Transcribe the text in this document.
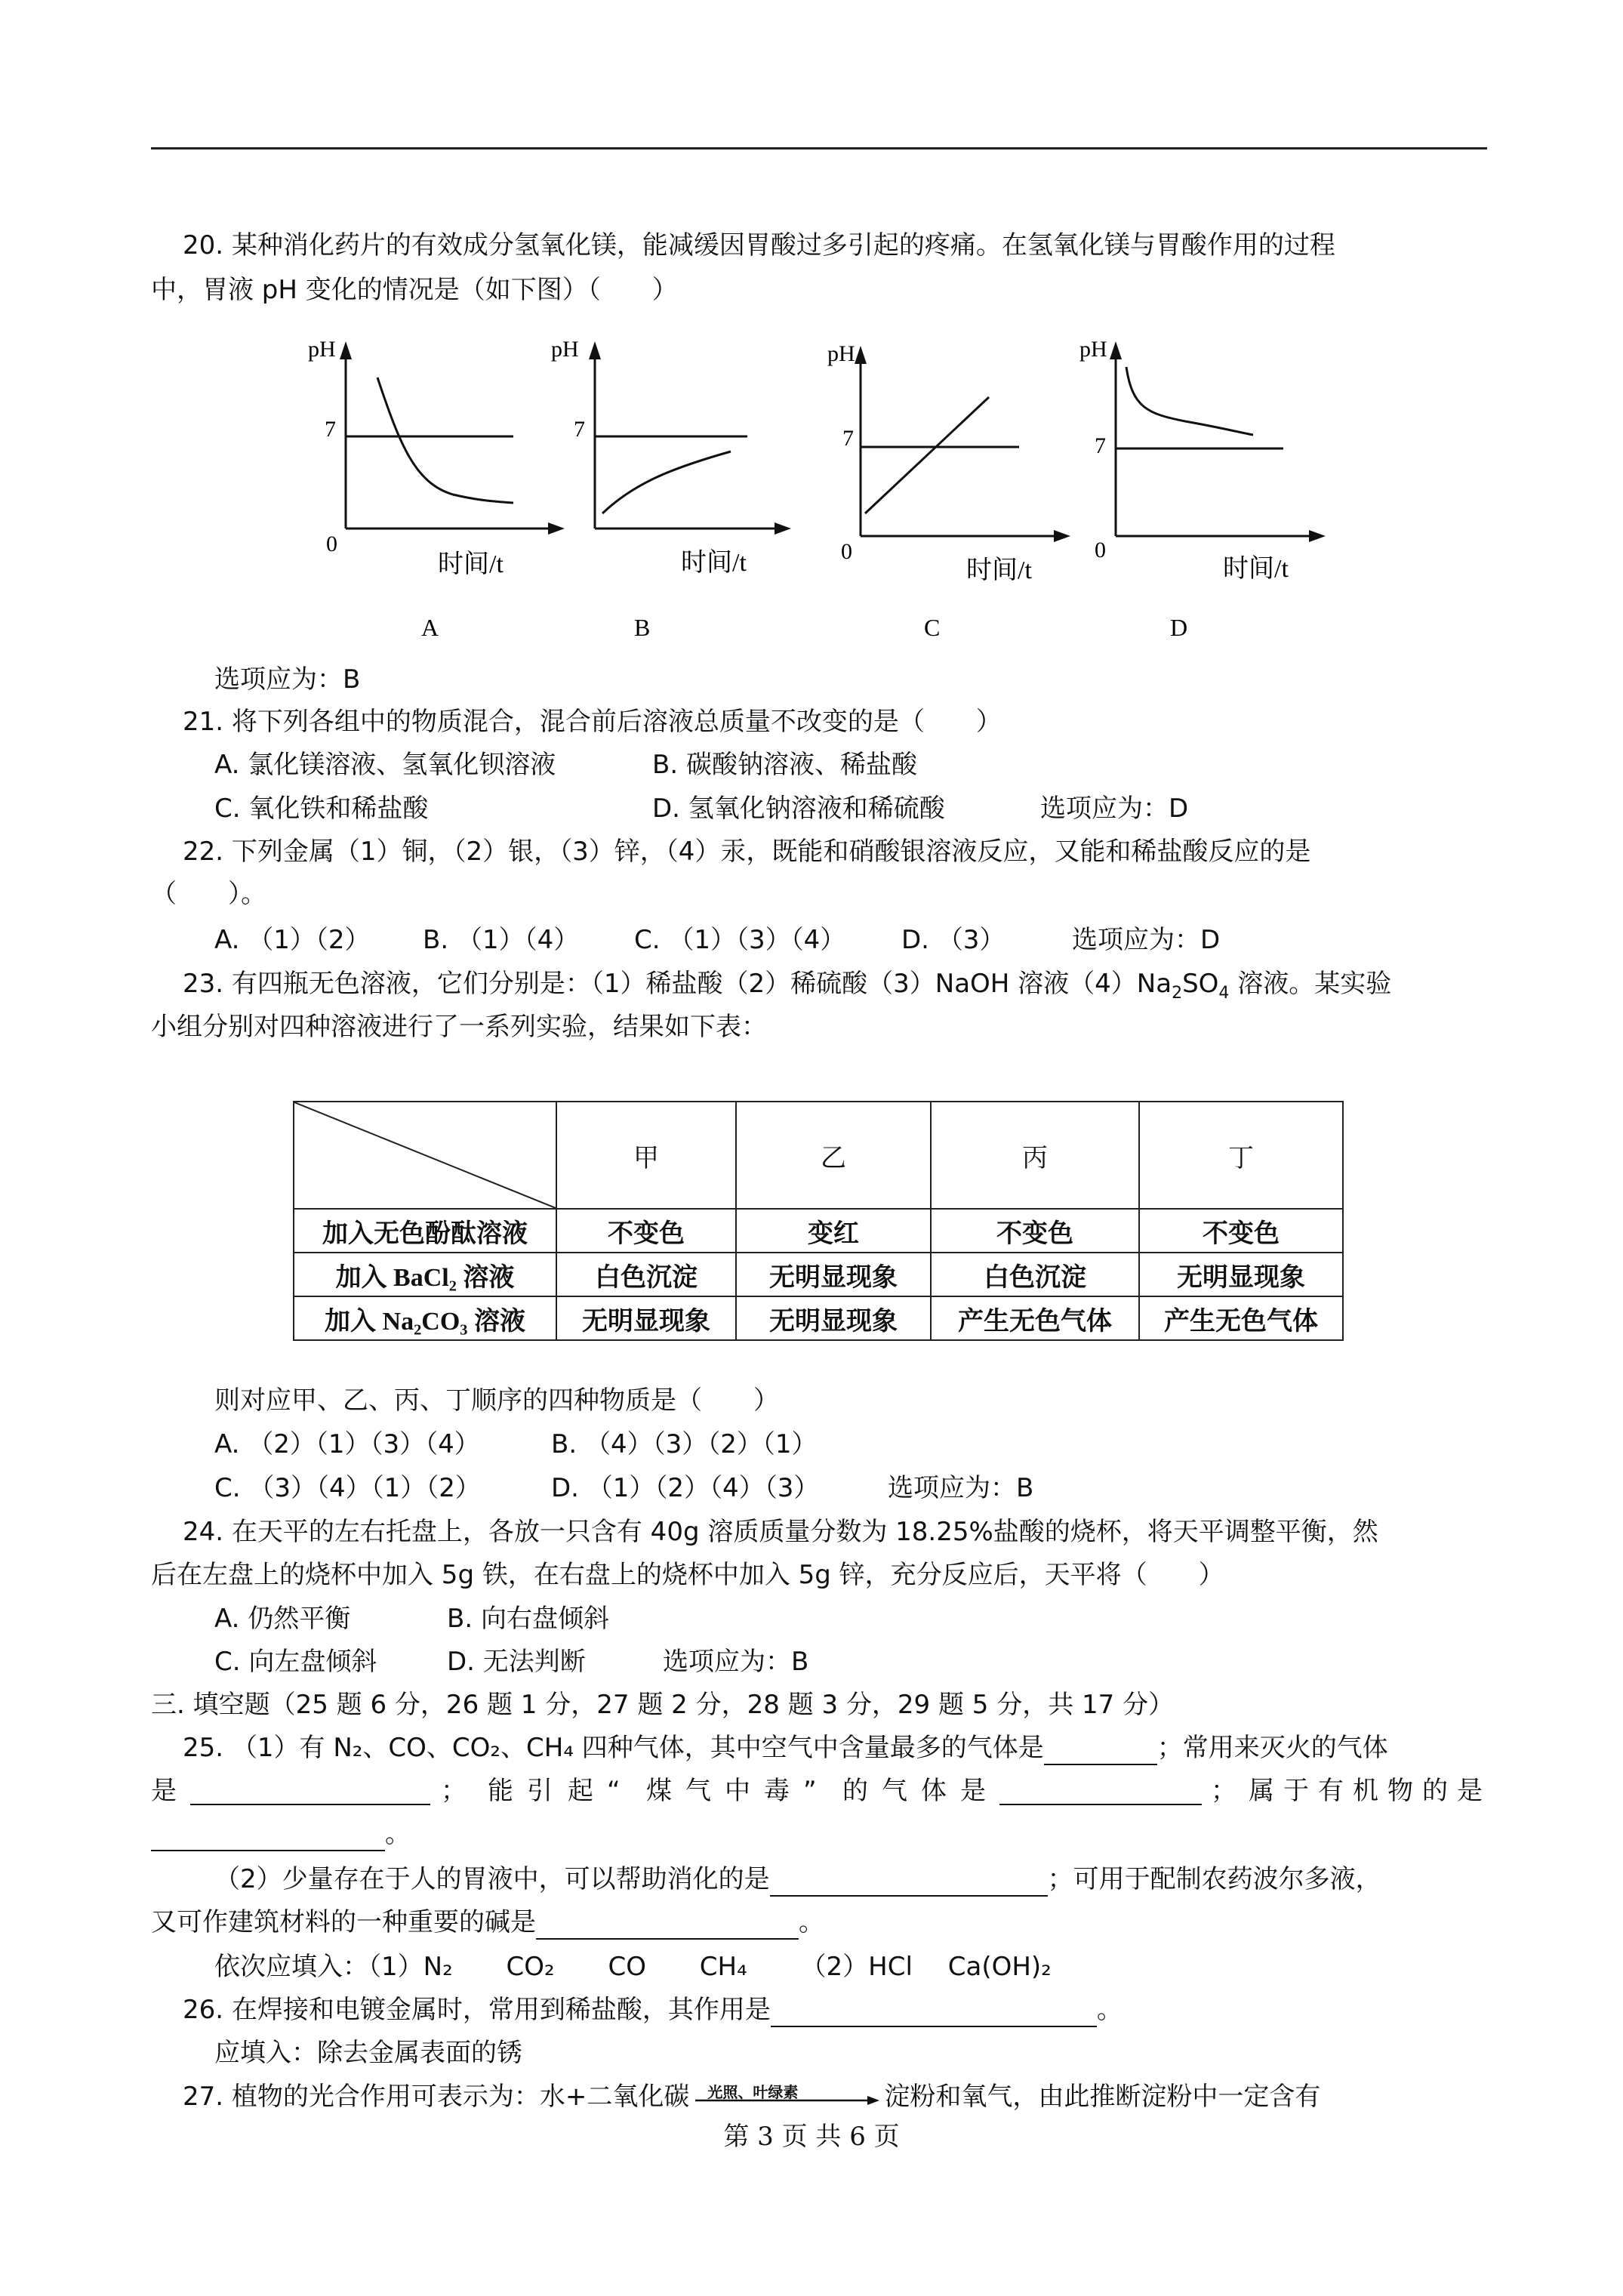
20. 某种消化药片的有效成分氢氧化镁，能减缓因胃酸过多引起的疼痛。在氢氧化镁与胃酸作用的过程
中，胃液 pH 变化的情况是（如下图）（　　）
pH
7
0
时间/t
A
pH
7
时间/t
B
pH
7
0
时间/t
C
pH
7
0
时间/t
D
选项应为：B
21. 将下列各组中的物质混合，混合前后溶液总质量不改变的是（　　）
A. 氯化镁溶液、氢氧化钡溶液	B. 碳酸钠溶液、稀盐酸
C. 氧化铁和稀盐酸	D. 氢氧化钠溶液和稀硫酸	选项应为：D
22. 下列金属（1）铜，（2）银，（3）锌，（4）汞，既能和硝酸银溶液反应，又能和稀盐酸反应的是
（　　）。
A. （1）（2） B. （1）（4） C. （1）（3）（4） D. （3）	选项应为：D
23. 有四瓶无色溶液，它们分别是：（1）稀盐酸（2）稀硫酸（3）NaOH 溶液$(4)Na_2SO_4$ 溶液。某实验
小组分别对四种溶液进行了一系列实验，结果如下表：
	甲	乙	丙	丁
加入无色酚酞溶液	不变色	变红	不变色	不变色
加入 BaCl₂ 溶液	白色沉淀	无明显现象	白色沉淀	无明显现象
加入 Na₂CO₃ 溶液	无明显现象	无明显现象	产生无色气体	产生无色气体
则对应甲、乙、丙、丁顺序的四种物质是（　　）
A. （2）（1）（3）（4）	B. （4）（3）（2）（1）
C. （3）（4）（1）（2）	D. （1）（2）（4）（3）	选项应为：B
24. 在天平的左右托盘上，各放一只含有 40g 溶质质量分数为 18.25%盐酸的烧杯，将天平调整平衡，然
后在左盘上的烧杯中加入 5g 铁，在右盘上的烧杯中加入 5g 锌，充分反应后，天平将（　　）
A. 仍然平衡	B. 向右盘倾斜
C. 向左盘倾斜	D. 无法判断	选项应为：B
三. 填空题（25 题 6 分，26 题 1 分，27 题 2 分，28 题 3 分，29 题 5 分，共 17 分）
25. （1）有 N₂、CO、CO₂、CH₄ 四种气体，其中空气中含量最多的气体是	；常用来灭火的气体
是	； 能 引 起 “ 煤 气 中 毒 ” 的 气 体 是	； 属 于 有 机 物 的 是
。
（2）少量存在于人的胃液中，可以帮助消化的是	；可用于配制农药波尔多液，
又可作建筑材料的一种重要的碱是	。
依次应填入：（1）N₂ CO₂ CO CH₄ （2）HCl Ca(OH)₂
26. 在焊接和电镀金属时，常用到稀盐酸，其作用是	。
应填入：除去金属表面的锈
27. 植物的光合作用可表示为：水+二氧化碳 光照、叶绿素	淀粉和氧气，由此推断淀粉中一定含有
第 3 页 共 6 页
